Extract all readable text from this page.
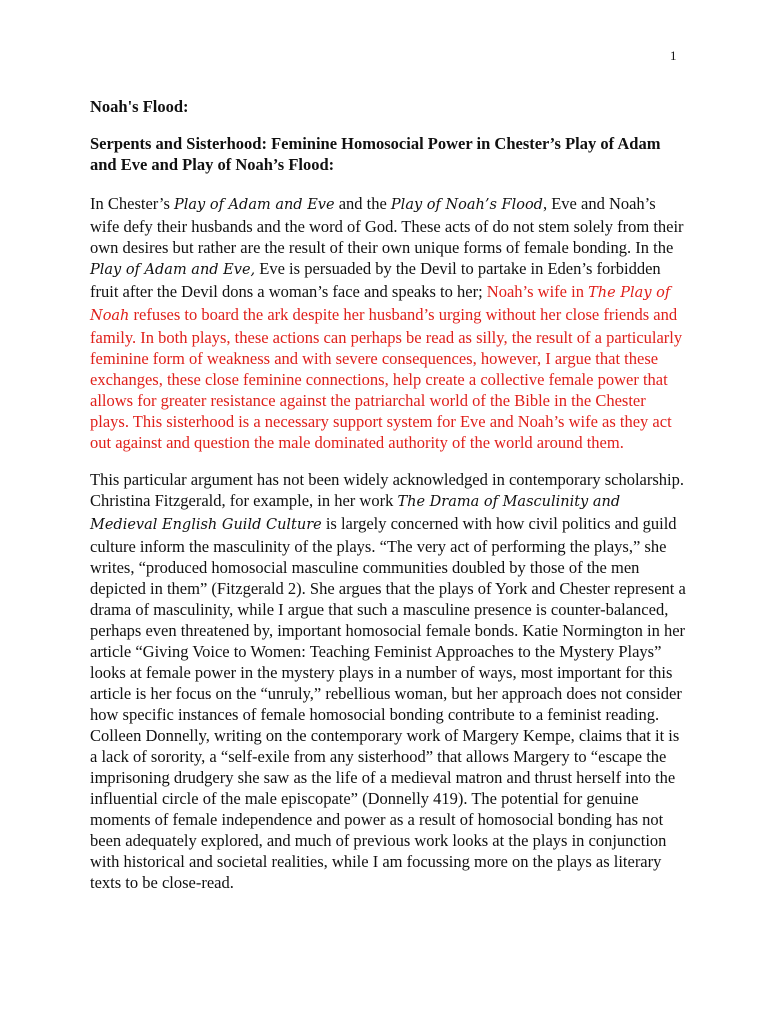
1

Noah's Flood:

Serpents and Sisterhood: Feminine Homosocial Power in Chester’s Play of Adam and Eve and Play of Noah’s Flood:

In Chester’s Play of Adam and Eve and the Play of Noah’s Flood, Eve and Noah’s wife defy their husbands and the word of God. These acts of do not stem solely from their own desires but rather are the result of their own unique forms of female bonding. In the Play of Adam and Eve, Eve is persuaded by the Devil to partake in Eden’s forbidden fruit after the Devil dons a woman’s face and speaks to her; Noah’s wife in The Play of Noah refuses to board the ark despite her husband’s urging without her close friends and family. In both plays, these actions can perhaps be read as silly, the result of a particularly feminine form of weakness and with severe consequences, however, I argue that these exchanges, these close feminine connections, help create a collective female power that allows for greater resistance against the patriarchal world of the Bible in the Chester plays. This sisterhood is a necessary support system for Eve and Noah’s wife as they act out against and question the male dominated authority of the world around them.

This particular argument has not been widely acknowledged in contemporary scholarship. Christina Fitzgerald, for example, in her work The Drama of Masculinity and Medieval English Guild Culture is largely concerned with how civil politics and guild culture inform the masculinity of the plays. “The very act of performing the plays,” she writes, “produced homosocial masculine communities doubled by those of the men depicted in them” (Fitzgerald 2). She argues that the plays of York and Chester represent a drama of masculinity, while I argue that such a masculine presence is counter-balanced, perhaps even threatened by, important homosocial female bonds. Katie Normington in her article “Giving Voice to Women: Teaching Feminist Approaches to the Mystery Plays” looks at female power in the mystery plays in a number of ways, most important for this article is her focus on the “unruly,” rebellious woman, but her approach does not consider how specific instances of female homosocial bonding contribute to a feminist reading. Colleen Donnelly, writing on the contemporary work of Margery Kempe, claims that it is a lack of sorority, a “self-exile from any sisterhood” that allows Margery to “escape the imprisoning drudgery she saw as the life of a medieval matron and thrust herself into the influential circle of the male episcopate” (Donnelly 419). The potential for genuine moments of female independence and power as a result of homosocial bonding has not been adequately explored, and much of previous work looks at the plays in conjunction with historical and societal realities, while I am focussing more on the plays as literary texts to be close-read.
